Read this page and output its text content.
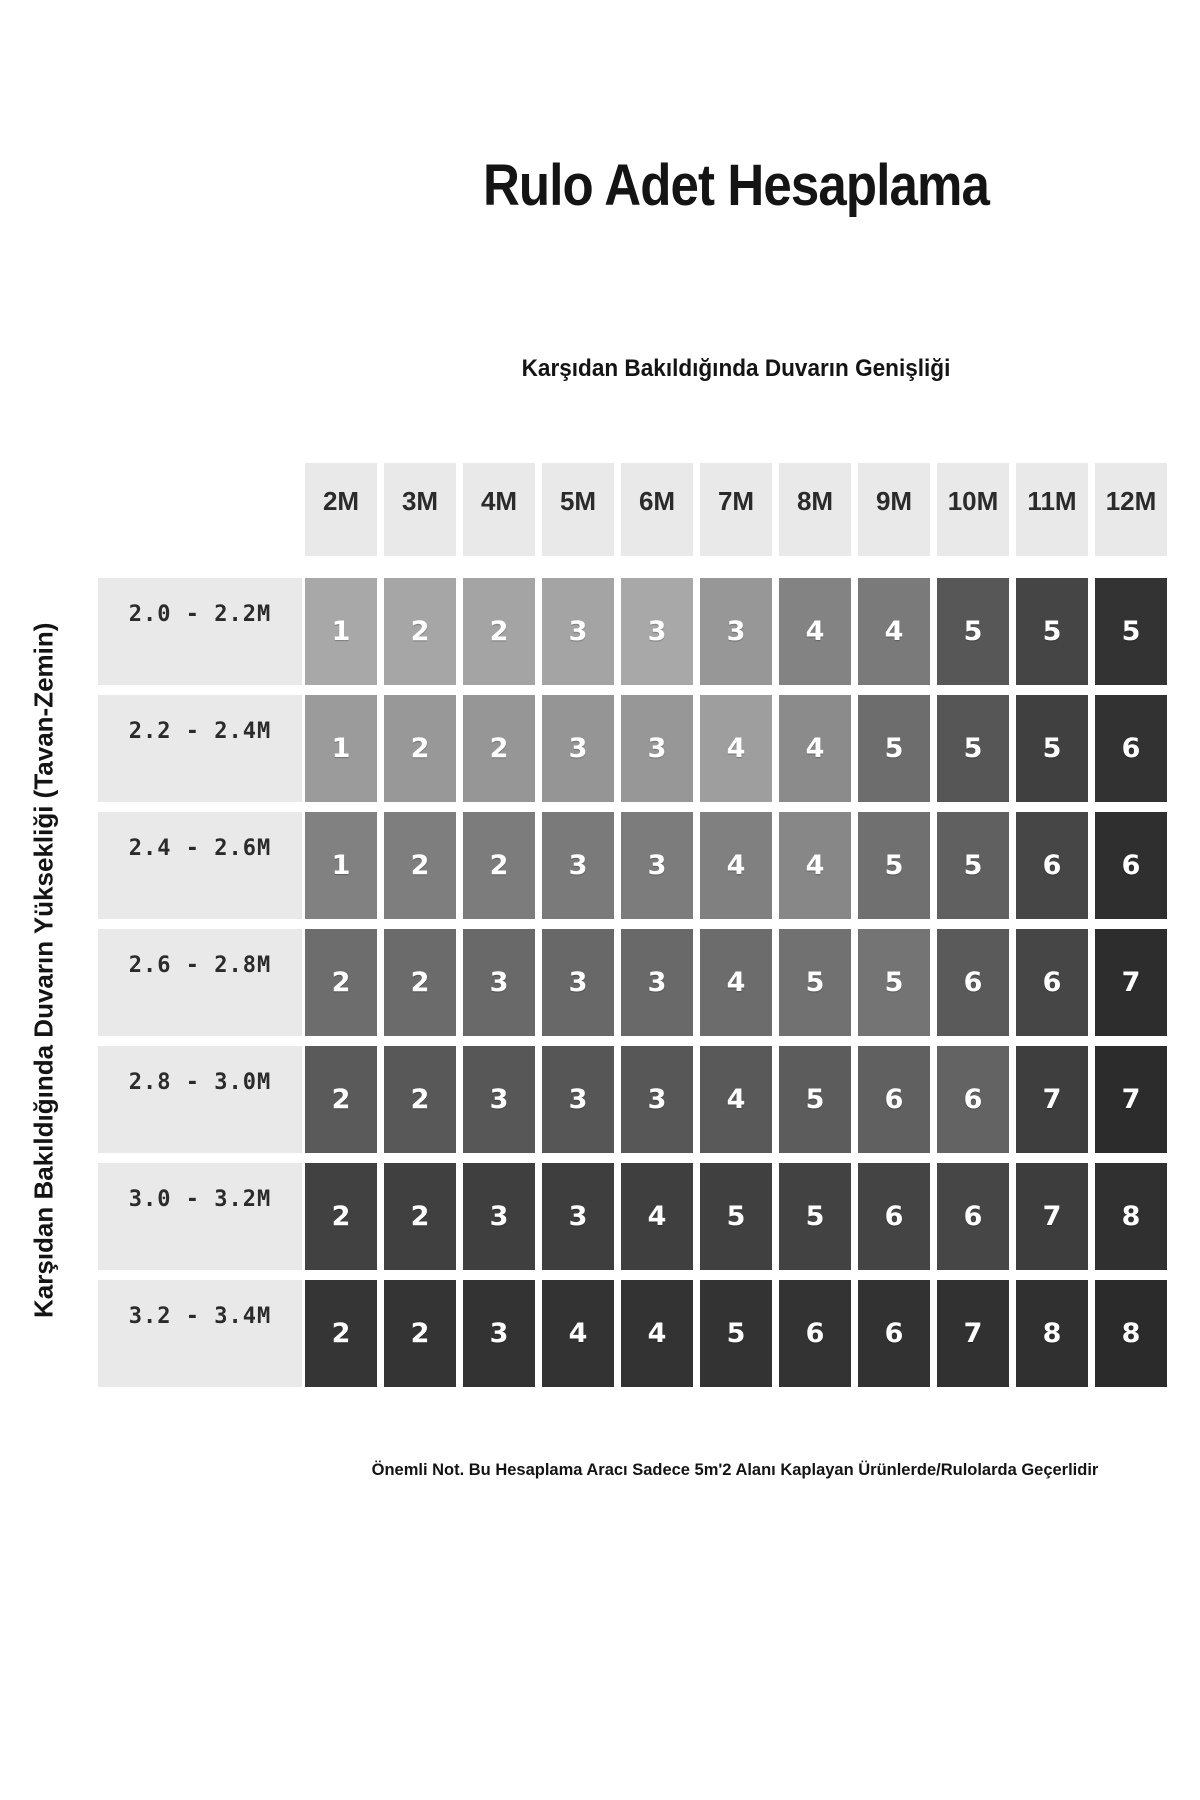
Rulo Adet Hesaplama
Karşıdan Bakıldığında Duvarın Genişliği
Karşıdan Bakıldığında Duvarın Yüksekliği (Tavan-Zemin)
2M	3M	4M	5M	6M	7M	8M	9M	10M	11M	12M
2.0 - 2.2M
1	2	2	3	3	3	4	4	5	5	5
2.2 - 2.4M
1	2	2	3	3	4	4	5	5	5	6
2.4 - 2.6M
1	2	2	3	3	4	4	5	5	6	6
2.6 - 2.8M
2	2	3	3	3	4	5	5	6	6	7
2.8 - 3.0M
2	2	3	3	3	4	5	6	6	7	7
3.0 - 3.2M
2	2	3	3	4	5	5	6	6	7	8
3.2 - 3.4M
2	2	3	4	4	5	6	6	7	8	8
Önemli Not. Bu Hesaplama Aracı Sadece 5m'2 Alanı Kaplayan Ürünlerde/Rulolarda Geçerlidir
